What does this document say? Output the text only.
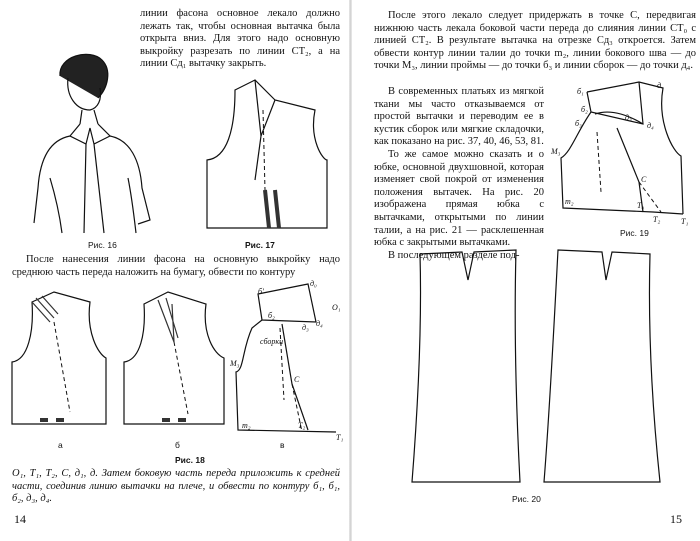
линии фасона основное лекало должно лежать так, чтобы основная вытачка была открыта вниз. Для этого надо основную выкройку разрезать по линии CT₂, а на линии Cд₁ вытачку закрыть.
Рис. 16	Рис. 17
После нанесения линии фасона на основную выкройку надо среднюю часть переда наложить на бумагу, обвести по контуру
а	б
б'
д₀
б₂
д₃
O₁
д₄
сборки
M₃
C
m₂	T₂
T₁
в
Рис. 18
O₁, T₁, T₂, C, д₁, д. Затем боковую часть переда приложить к средней части, соединив линию вытачки на плече, и обвести по контуру б₁, б₁, б₂, д₃, д₄.
14

После этого лекало следует придержать в точке C, передвигая нижнюю часть лекала боковой части переда до слияния линии CT₀ с линией CT₂. В результате вытачка на отрезке Cд₃ откроется. Затем обвести контур линии талии до точки m₂, линии бокового шва — до точки M₃, линии проймы — до точки б₃ и линии сборок — до точки д₄.

В современных платьях из мягкой ткани мы часто отказываемся от простой вытачки и переводим ее в кустик сборок или мягкие складочки, как показано на рис. 37, 40, 46, 53, 81.

То же самое можно сказать и о юбке, основной двухшовной, которая изменяет свой покрой от изменения положения вытачек. На рис. 20 изображена прямая юбка с вытачками, открытыми по линии талии, а на рис. 21 — расклешенная юбка с закрытыми вытачками.

В последующем разделе под-

б₁
д
б₂
д₃
б₃	д₄
M₃
C
m₂	T₀
T₂	T₁
Рис. 19
Рис. 20
15
